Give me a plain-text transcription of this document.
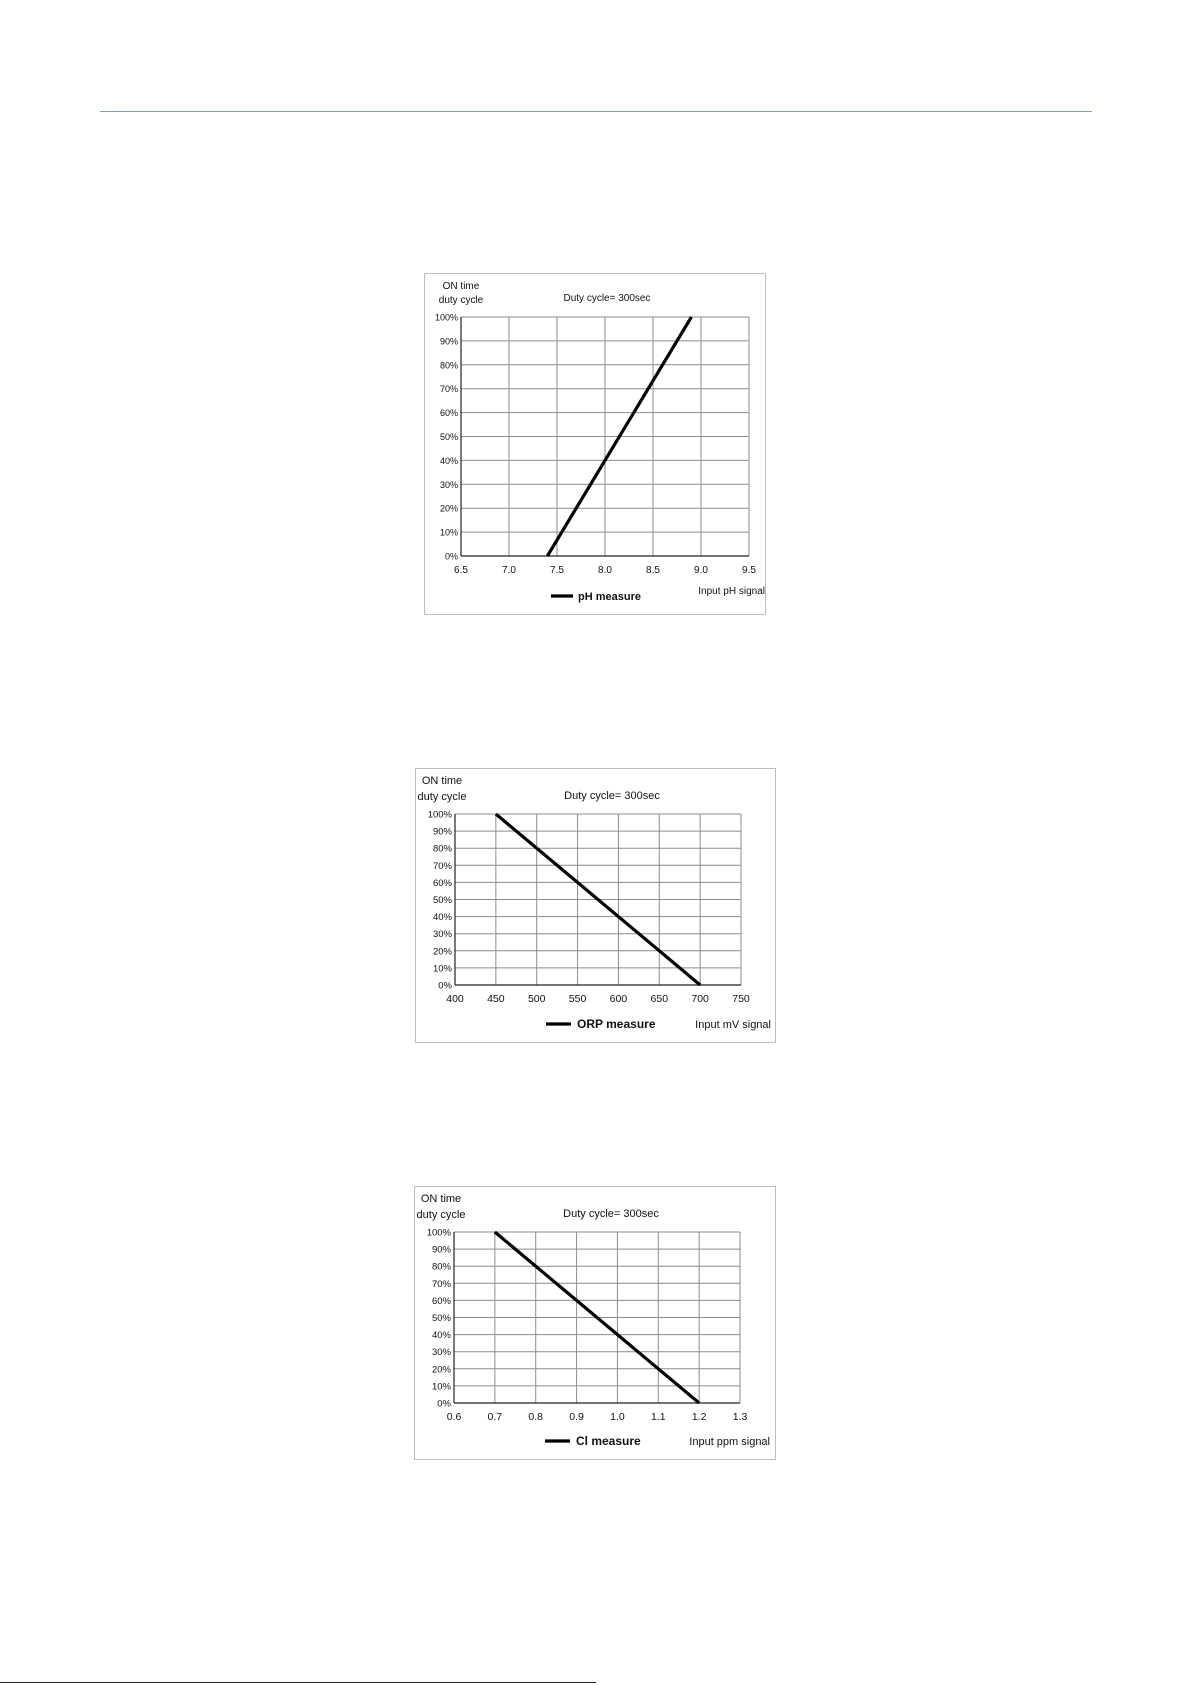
0%
10%
20%
30%
40%
50%
60%
70%
80%
90%
100%
6.5	7.0	7.5	8.0	8.5	9.0	9.5
ON time
duty cycle	Duty cycle= 300sec
Input pH signal
pH measure
0%
10%
20%
30%
40%
50%
60%
70%
80%
90%
100%
400 450 500 550 600 650 700 750
ON time
duty cycle	Duty cycle= 300sec
Input mV signal
ORP measure
0%
10%
20%
30%
40%
50%
60%
70%
80%
90%
100%
0.6 0.7 0.8 0.9 1.0 1.1 1.2 1.3
ON time
duty cycle	Duty cycle= 300sec
Input ppm signal
Cl measure
